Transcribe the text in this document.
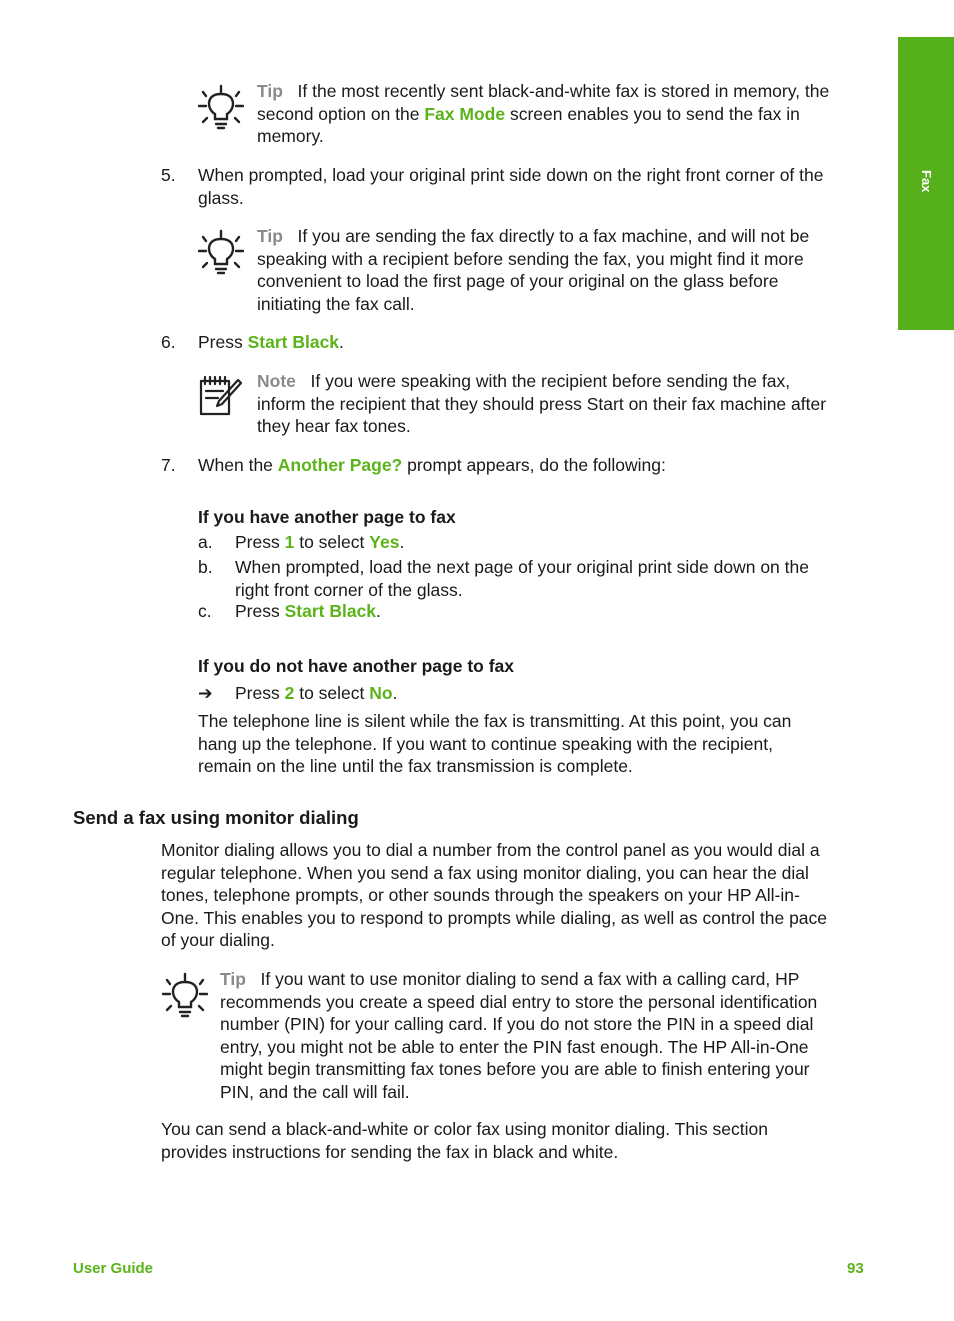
Fax
Tip If the most recently sent black-and-white fax is stored in memory, the
second option on the Fax Mode screen enables you to send the fax in
memory.
5. When prompted, load your original print side down on the right front corner of the
glass.
Tip If you are sending the fax directly to a fax machine, and will not be
speaking with a recipient before sending the fax, you might find it more
convenient to load the first page of your original on the glass before
initiating the fax call.
6. Press Start Black.
Note If you were speaking with the recipient before sending the fax,
inform the recipient that they should press Start on their fax machine after
they hear fax tones.
7. When the Another Page? prompt appears, do the following:
If you have another page to fax
a. Press 1 to select Yes.
b. When prompted, load the next page of your original print side down on the
right front corner of the glass.
c. Press Start Black.
If you do not have another page to fax
➔ Press 2 to select No.
The telephone line is silent while the fax is transmitting. At this point, you can
hang up the telephone. If you want to continue speaking with the recipient,
remain on the line until the fax transmission is complete.
Send a fax using monitor dialing
Monitor dialing allows you to dial a number from the control panel as you would dial a
regular telephone. When you send a fax using monitor dialing, you can hear the dial
tones, telephone prompts, or other sounds through the speakers on your HP All-in-
One. This enables you to respond to prompts while dialing, as well as control the pace
of your dialing.
Tip If you want to use monitor dialing to send a fax with a calling card, HP
recommends you create a speed dial entry to store the personal identification
number (PIN) for your calling card. If you do not store the PIN in a speed dial
entry, you might not be able to enter the PIN fast enough. The HP All-in-One
might begin transmitting fax tones before you are able to finish entering your
PIN, and the call will fail.
You can send a black-and-white or color fax using monitor dialing. This section
provides instructions for sending the fax in black and white.
User Guide	93
